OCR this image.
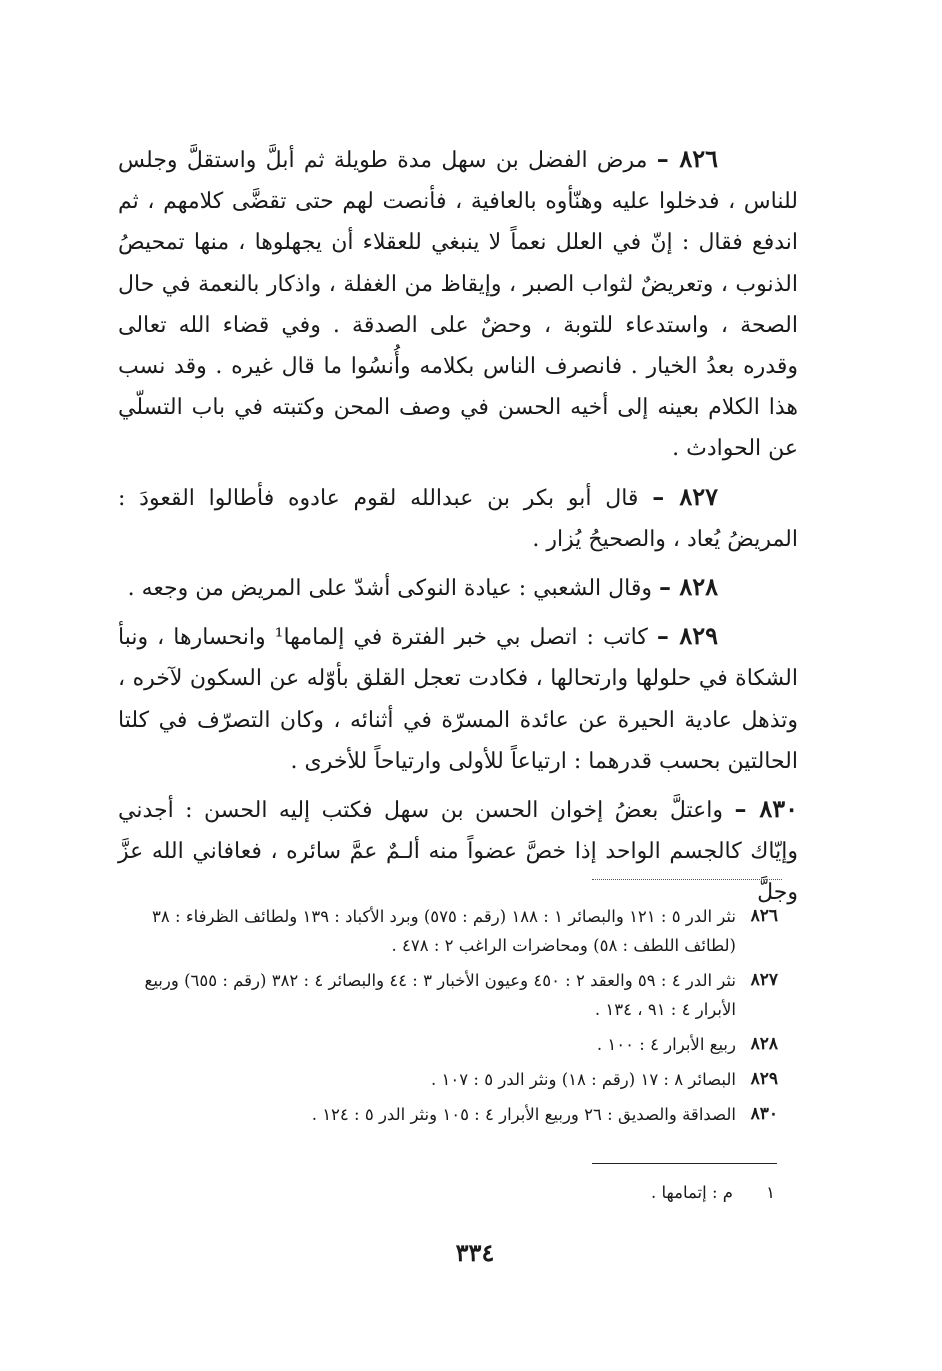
٨٢٦ – مرض الفضل بن سهل مدة طويلة ثم أبلَّ واستقلَّ وجلس للناس ، فدخلوا عليه وهنّأوه بالعافية ، فأنصت لهم حتى تقضَّى كلامهم ، ثم اندفع فقال : إنّ في العلل نعماً لا ينبغي للعقلاء أن يجهلوها ، منها تمحيصُ الذنوب ، وتعريضٌ لثواب الصبر ، وإيقاظ من الغفلة ، واذكار بالنعمة في حال الصحة ، واستدعاء للتوبة ، وحضٌ على الصدقة . وفي قضاء الله تعالى وقدره بعدُ الخيار . فانصرف الناس بكلامه وأُنسُوا ما قال غيره . وقد نسب هذا الكلام بعينه إلى أخيه الحسن في وصف المحن وكتبته في باب التسلّي عن الحوادث .

٨٢٧ – قال أبو بكر بن عبدالله لقوم عادوه فأطالوا القعودَ : المريضُ يُعاد ، والصحيحُ يُزار .

٨٢٨ – وقال الشعبي : عيادة النوكى أشدّ على المريض من وجعه .

٨٢٩ – كاتب : اتصل بي خبر الفترة في إلمامها¹ وانحسارها ، ونبأ الشكاة في حلولها وارتحالها ، فكادت تعجل القلق بأوّله عن السكون لآخره ، وتذهل عادية الحيرة عن عائدة المسرّة في أثنائه ، وكان التصرّف في كلتا الحالتين بحسب قدرهما : ارتياعاً للأولى وارتياحاً للأخرى .

٨٣٠ – واعتلَّ بعضُ إخوان الحسن بن سهل فكتب إليه الحسن : أجدني وإيّاك كالجسم الواحد إذا خصَّ عضواً منه ألـمٌ عمَّ سائره ، فعافاني الله عزَّ وجلَّ

٨٢٦
نثر الدر ٥ : ١٢١ والبصائر ١ : ١٨٨ (رقم : ٥٧٥) وبرد الأكباد : ١٣٩ ولطائف الظرفاء : ٣٨ (لطائف اللطف : ٥٨) ومحاضرات الراغب ٢ : ٤٧٨ .
٨٢٧
نثر الدر ٤ : ٥٩ والعقد ٢ : ٤٥٠ وعيون الأخبار ٣ : ٤٤ والبصائر ٤ : ٣٨٢ (رقم : ٦٥٥) وربيع الأبرار ٤ : ٩١ ، ١٣٤ .
٨٢٨
ربيع الأبرار ٤ : ١٠٠ .
٨٢٩
البصائر ٨ : ١٧ (رقم : ١٨) ونثر الدر ٥ : ١٠٧ .
٨٣٠
الصداقة والصديق : ٢٦ وربيع الأبرار ٤ : ١٠٥ ونثر الدر ٥ : ١٢٤ .
١
م : إتمامها .
٣٣٤
